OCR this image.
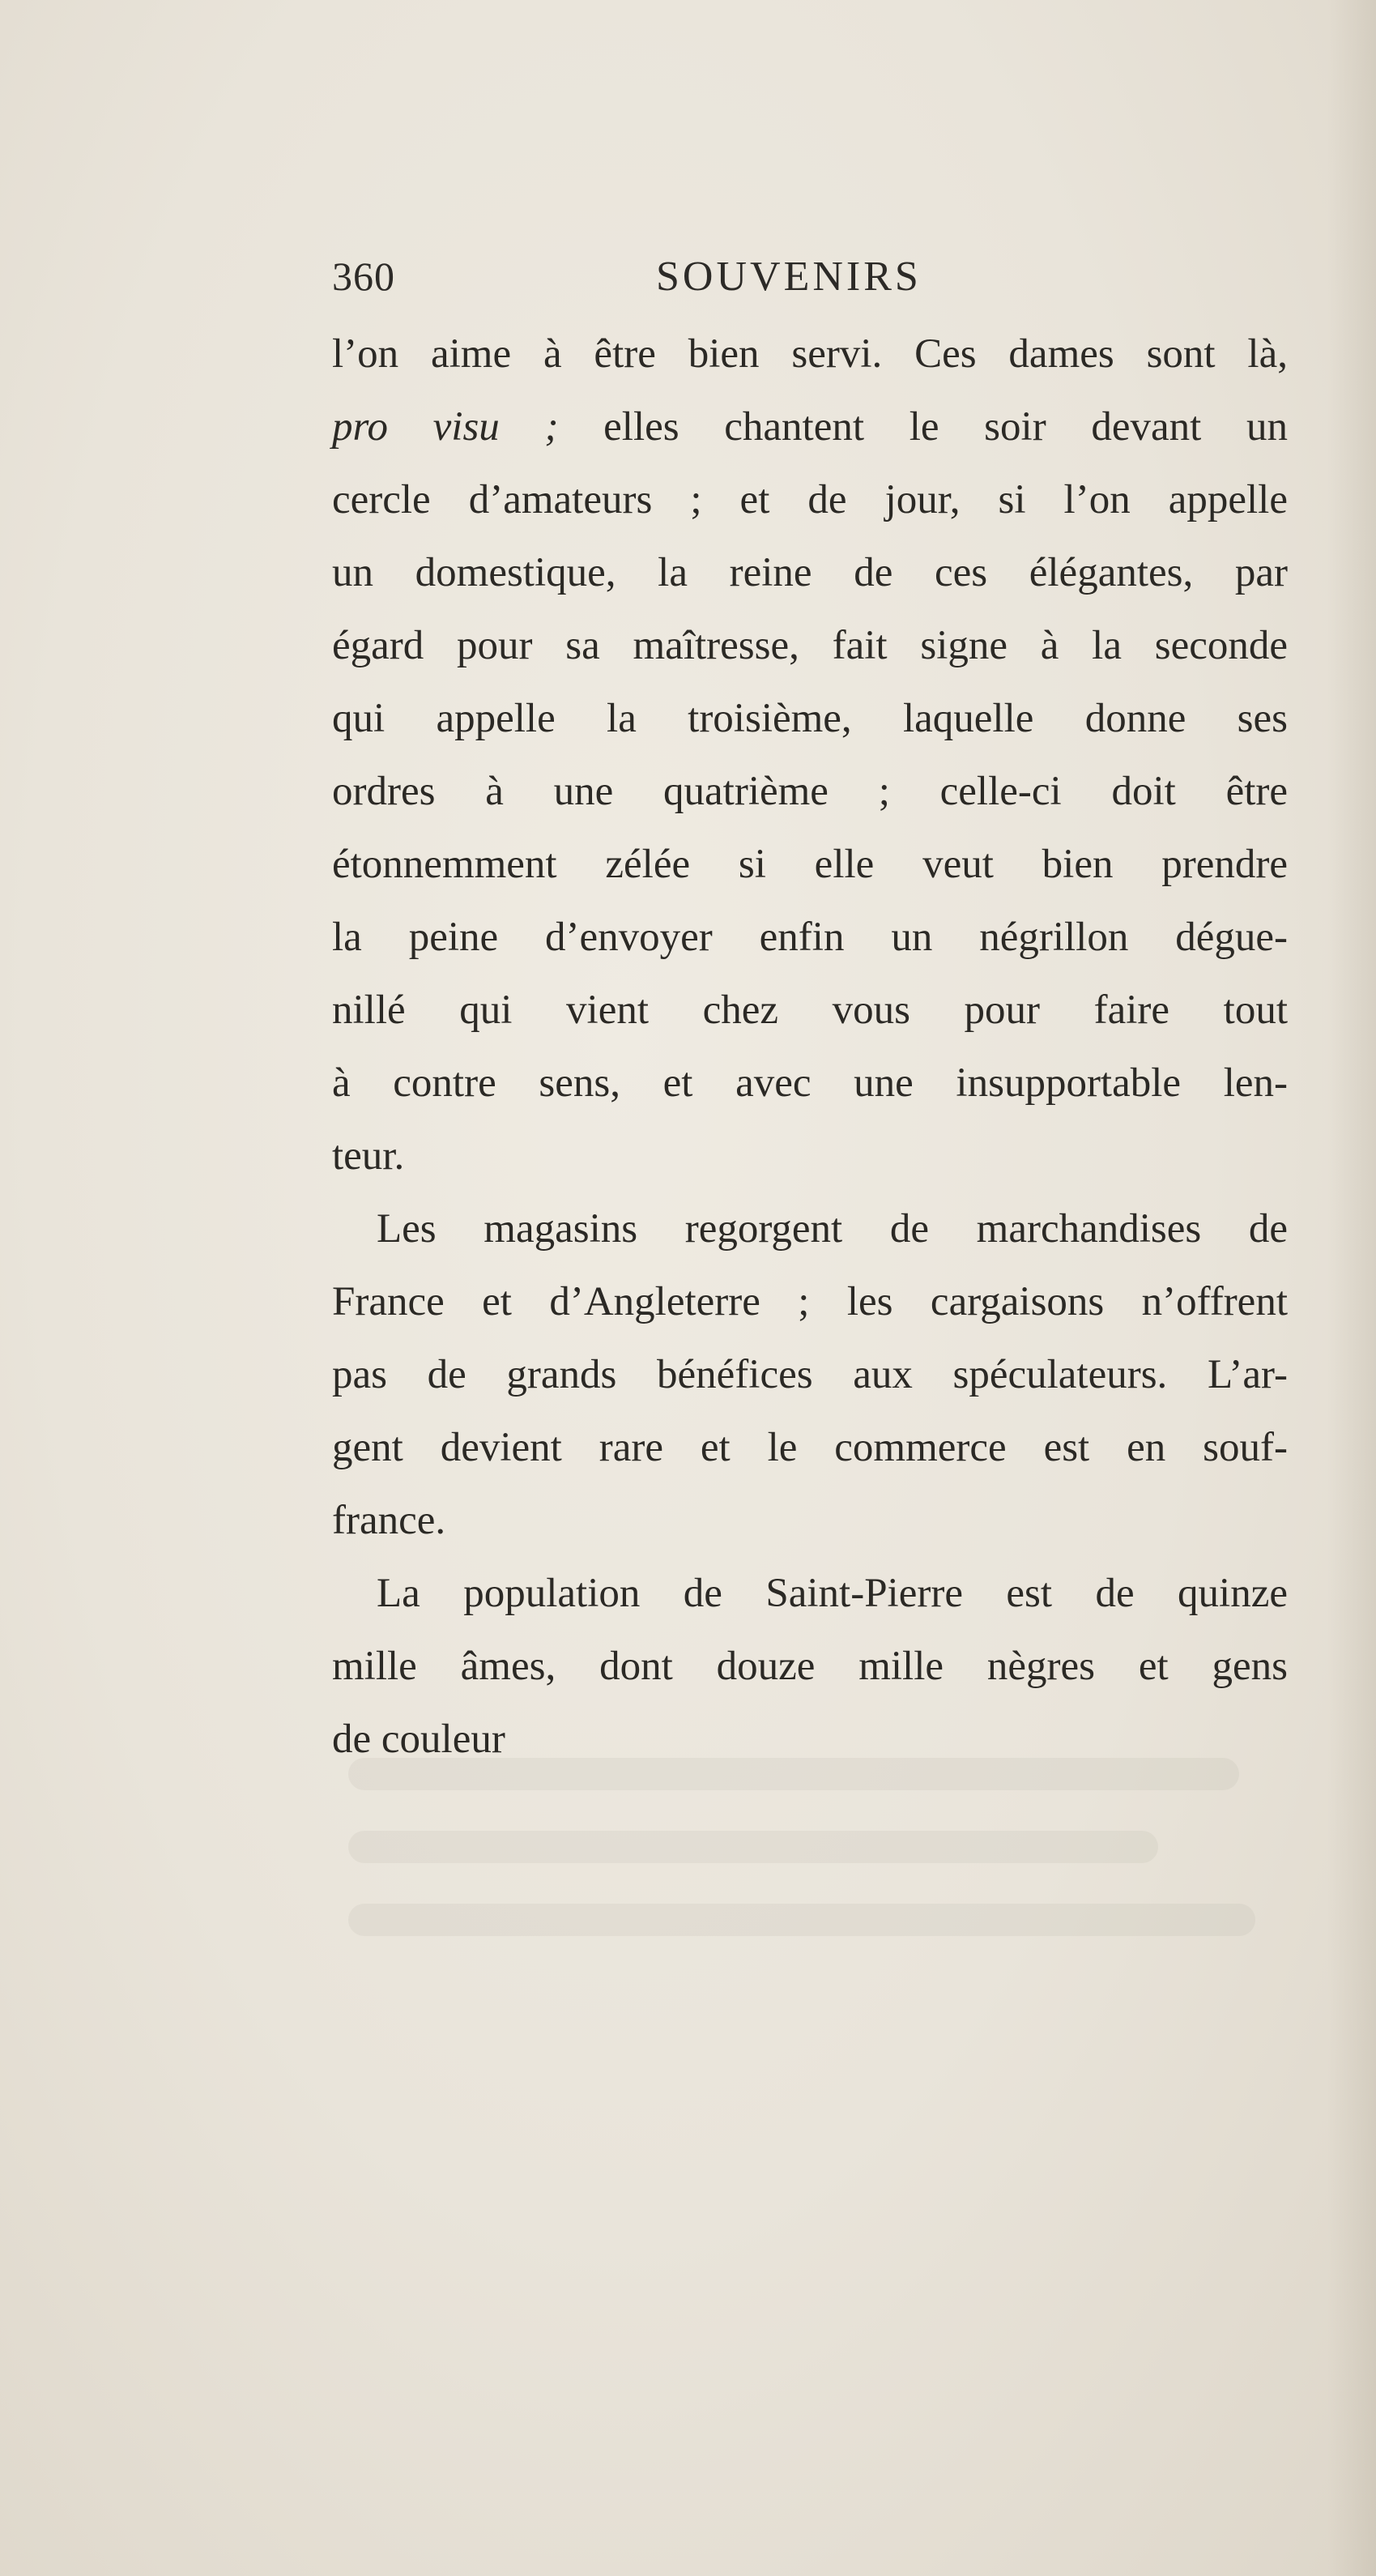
360	SOUVENIRS
l’on aime à être bien servi. Ces dames sont là,
pro visu ; elles chantent le soir devant un
cercle d’amateurs ; et de jour, si l’on appelle
un domestique, la reine de ces élégantes, par
égard pour sa maîtresse, fait signe à la seconde
qui appelle la troisième, laquelle donne ses
ordres à une quatrième ; celle-ci doit être
étonnemment zélée si elle veut bien prendre
la peine d’envoyer enfin un négrillon dégue-
nillé qui vient chez vous pour faire tout
à contre sens, et avec une insupportable len-
teur.
Les magasins regorgent de marchandises de
France et d’Angleterre ; les cargaisons n’offrent
pas de grands bénéfices aux spéculateurs. L’ar-
gent devient rare et le commerce est en souf-
france.
La population de Saint-Pierre est de quinze
mille âmes, dont douze mille nègres et gens
de couleur
